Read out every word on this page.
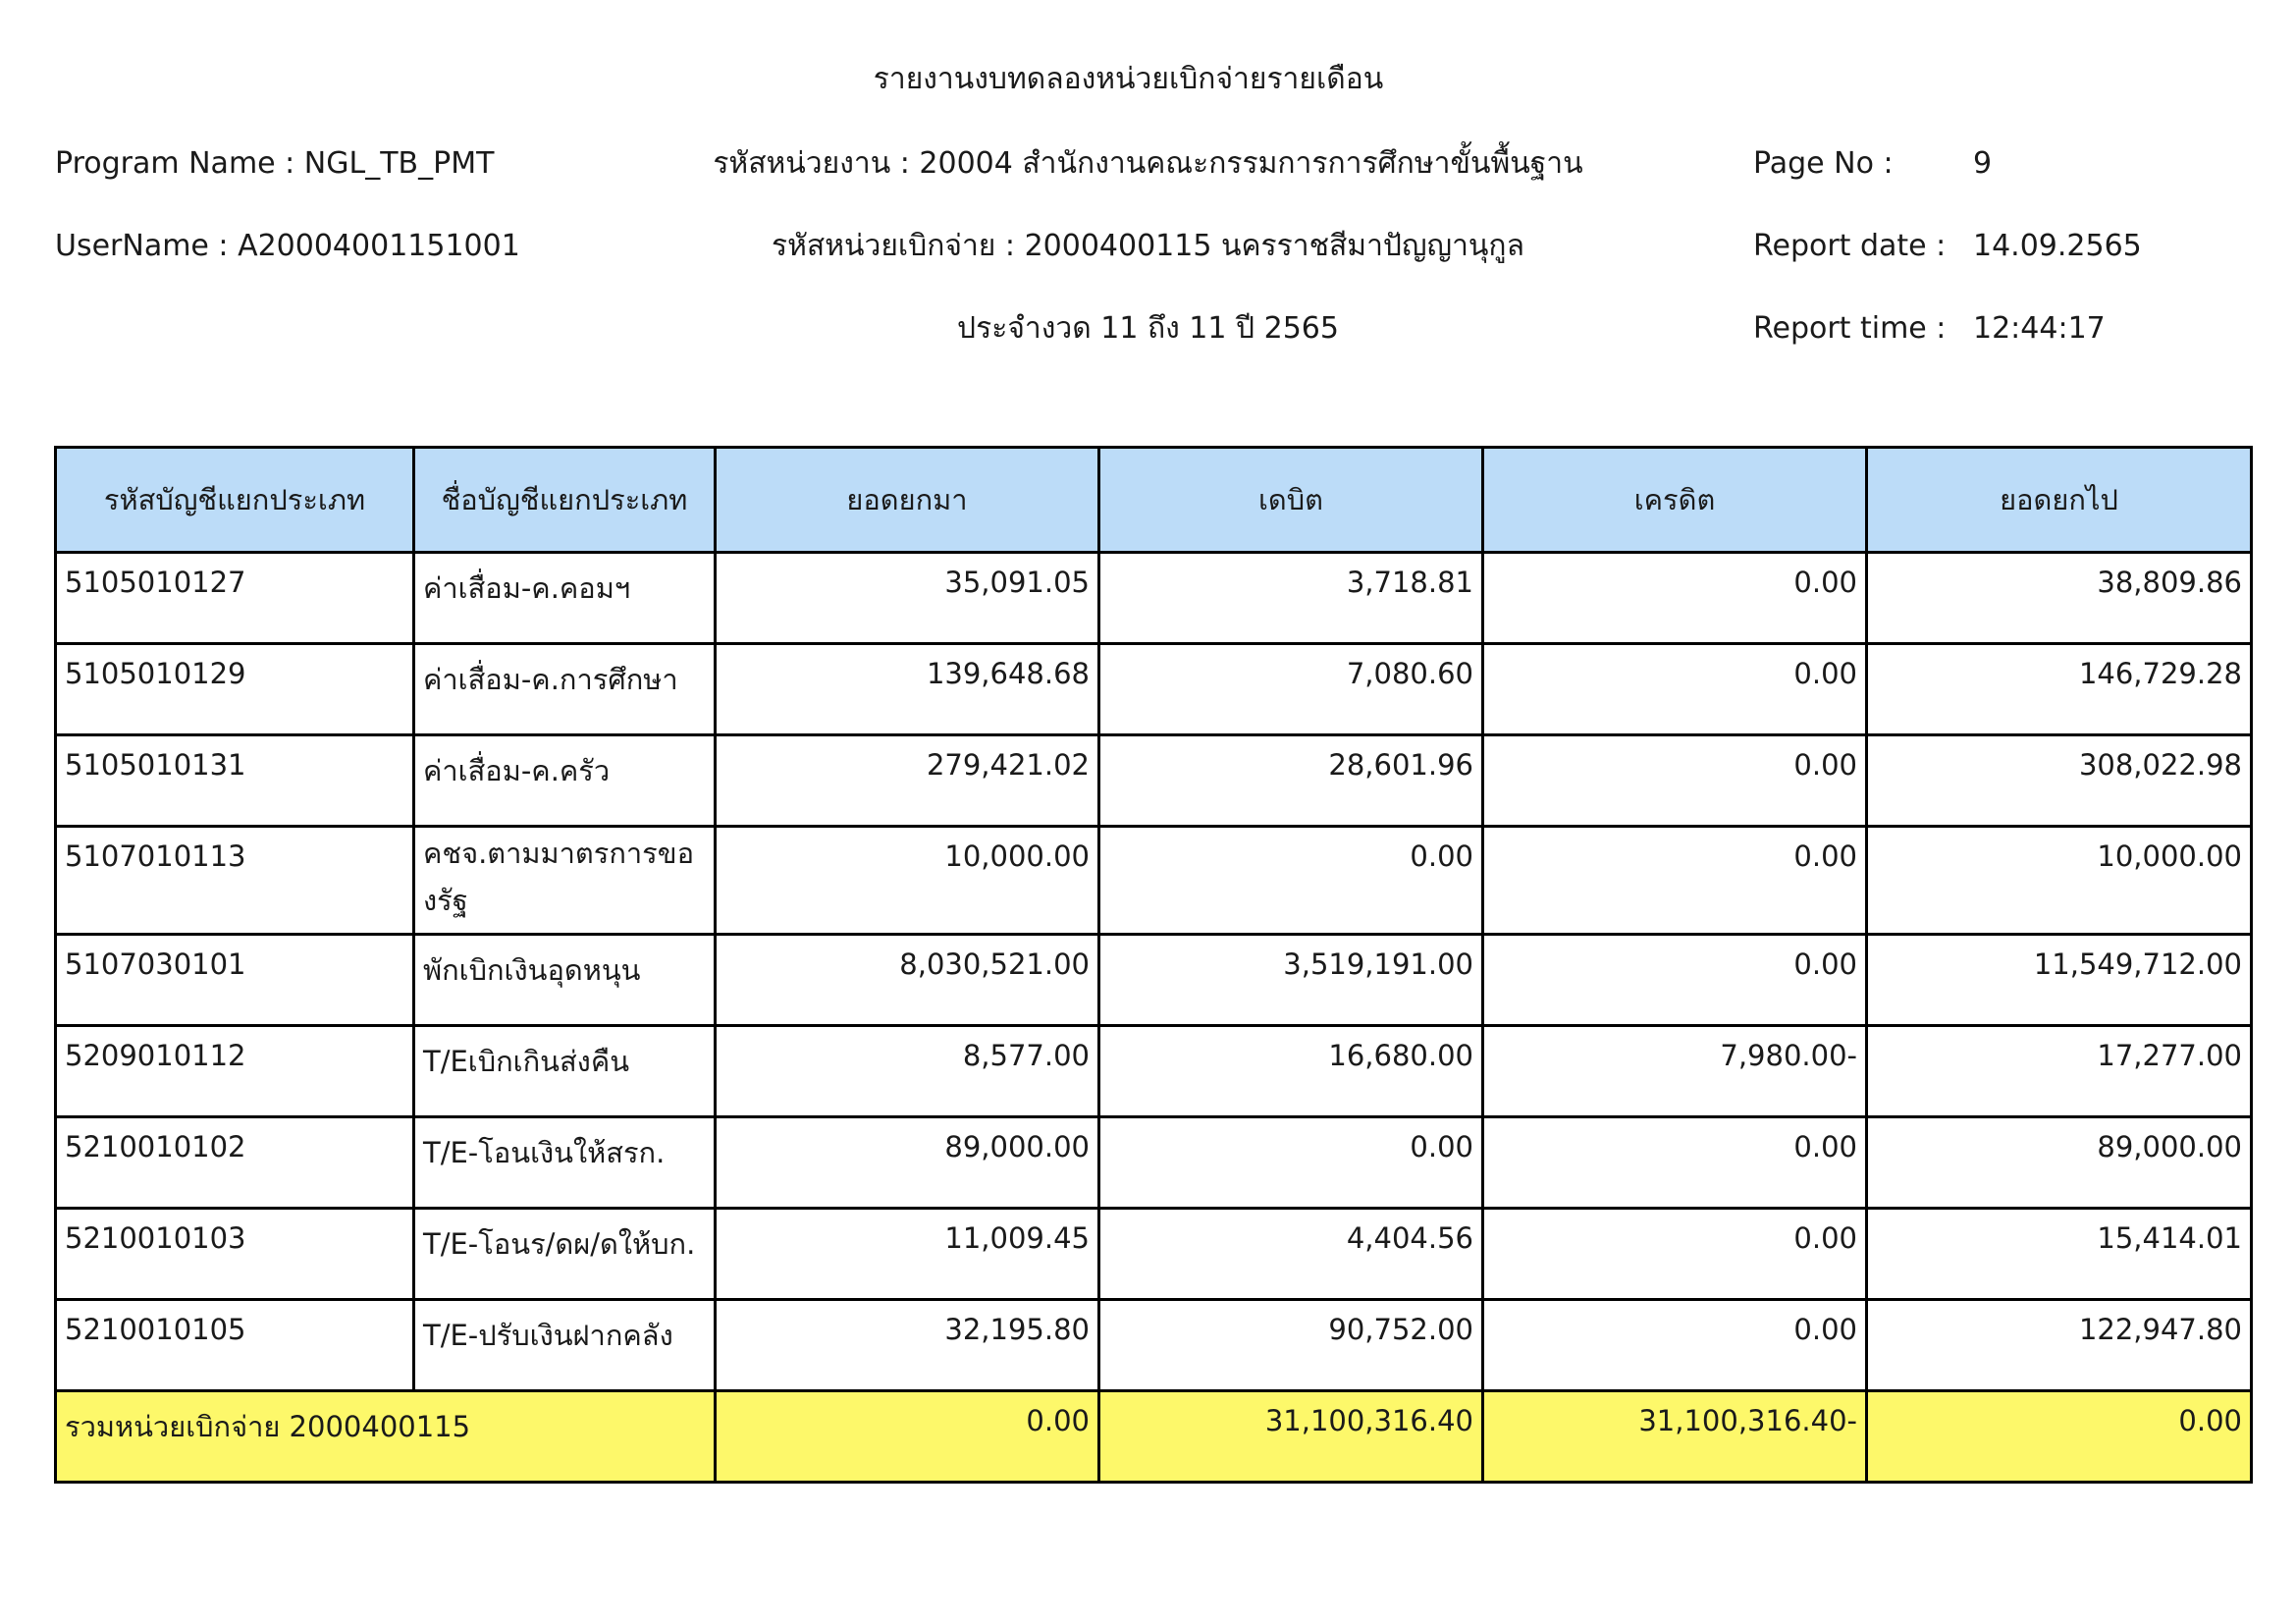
รายงานงบทดลองหน่วยเบิกจ่ายรายเดือน
Program Name : NGL_TB_PMT	รหัสหน่วยงาน : 20004 สำนักงานคณะกรรมการการศึกษาขั้นพื้นฐาน	Page No :	9
UserName : A20004001151001	รหัสหน่วยเบิกจ่าย : 2000400115 นครราชสีมาปัญญานุกูล	Report date : 14.09.2565
ประจำงวด 11 ถึง 11 ปี 2565	Report time : 12:44:17
รหัสบัญชีแยกประเภท	ชื่อบัญชีแยกประเภท	ยอดยกมา	เดบิต	เครดิต	ยอดยกไป
5105010127	ค่าเสื่อม-ค.คอมฯ	35,091.05	3,718.81	0.00	38,809.86
5105010129	ค่าเสื่อม-ค.การศึกษา	139,648.68	7,080.60	0.00	146,729.28
5105010131	ค่าเสื่อม-ค.ครัว	279,421.02	28,601.96	0.00	308,022.98
5107010113	คชจ.ตามมาตรการของรัฐ	10,000.00	0.00	0.00	10,000.00
5107030101	พักเบิกเงินอุดหนุน	8,030,521.00	3,519,191.00	0.00	11,549,712.00
5209010112	T/Eเบิกเกินส่งคืน	8,577.00	16,680.00	7,980.00-	17,277.00
5210010102	T/E-โอนเงินให้สรก.	89,000.00	0.00	0.00	89,000.00
5210010103	T/E-โอนร/ดผ/ดให้บก.	11,009.45	4,404.56	0.00	15,414.01
5210010105	T/E-ปรับเงินฝากคลัง	32,195.80	90,752.00	0.00	122,947.80
รวมหน่วยเบิกจ่าย 2000400115		0.00	31,100,316.40	31,100,316.40-	0.00
